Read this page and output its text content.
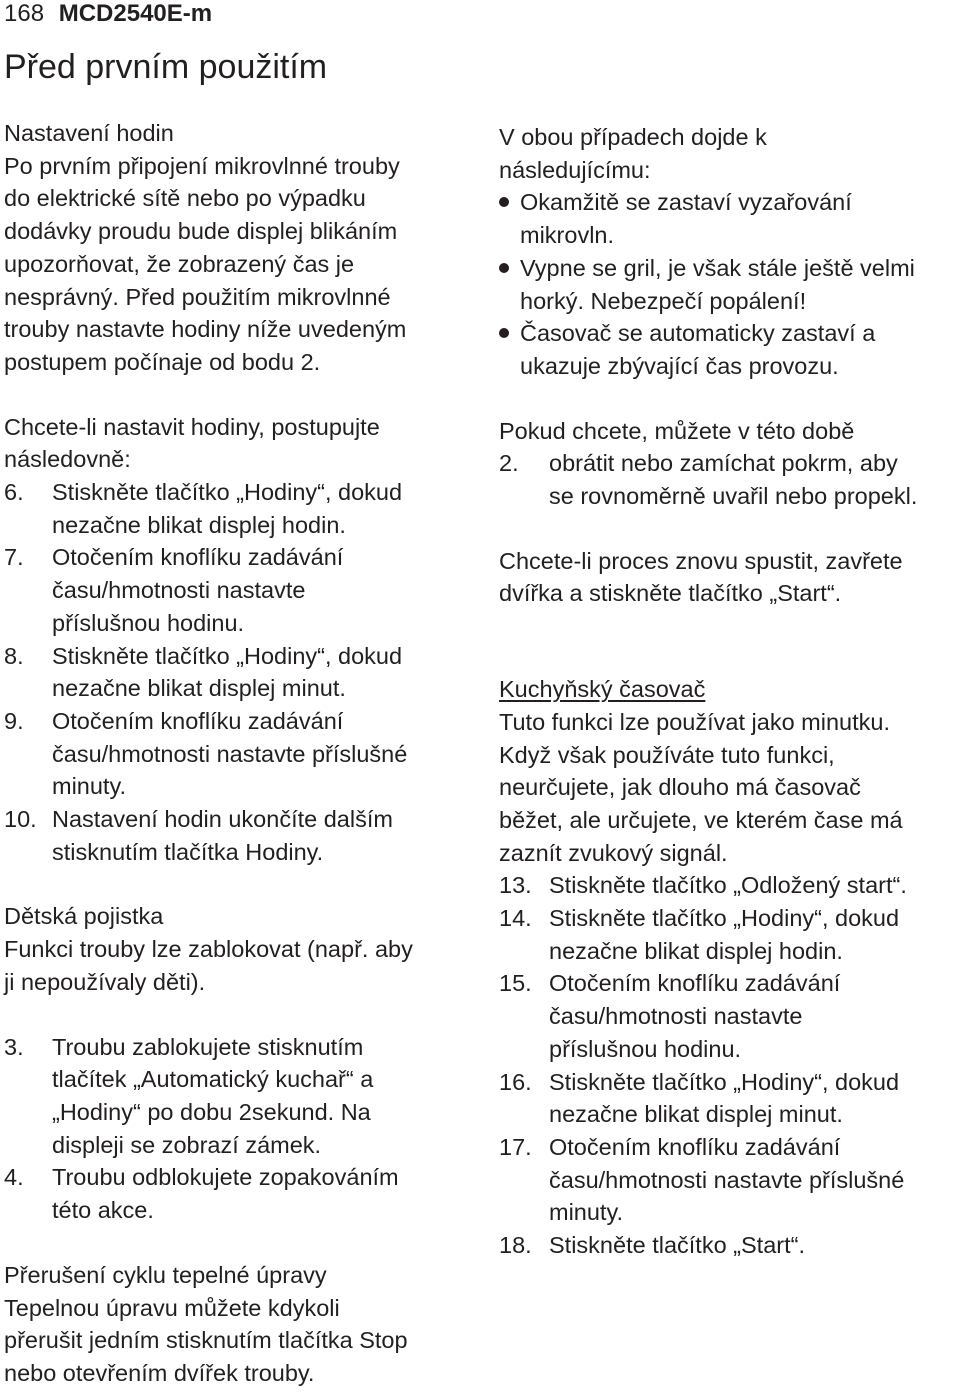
168 MCD2540E-m
Před prvním použitím
Nastavení hodin
Po prvním připojení mikrovlnné trouby
do elektrické sítě nebo po výpadku
dodávky proudu bude displej blikáním
upozorňovat, že zobrazený čas je
nesprávný. Před použitím mikrovlnné
trouby nastavte hodiny níže uvedeným
postupem počínaje od bodu 2.
Chcete-li nastavit hodiny, postupujte
následovně:
6. Stiskněte tlačítko „Hodiny“, dokud
nezačne blikat displej hodin.
7. Otočením knoflíku zadávání
času/hmotnosti nastavte
příslušnou hodinu.
8. Stiskněte tlačítko „Hodiny“, dokud
nezačne blikat displej minut.
9. Otočením knoflíku zadávání
času/hmotnosti nastavte příslušné
minuty.
10. Nastavení hodin ukončíte dalším
stisknutím tlačítka Hodiny.
Dětská pojistka
Funkci trouby lze zablokovat (např. aby
ji nepoužívaly děti).
3. Troubu zablokujete stisknutím
tlačítek „Automatický kuchař“ a
„Hodiny“ po dobu 2sekund. Na
displeji se zobrazí zámek.
4. Troubu odblokujete zopakováním
této akce.
Přerušení cyklu tepelné úpravy
Tepelnou úpravu můžete kdykoli
přerušit jedním stisknutím tlačítka Stop
nebo otevřením dvířek trouby.
V obou případech dojde k
následujícímu:
Okamžitě se zastaví vyzařování
mikrovln.
Vypne se gril, je však stále ještě velmi
horký. Nebezpečí popálení!
Časovač se automaticky zastaví a
ukazuje zbývající čas provozu.
Pokud chcete, můžete v této době
2. obrátit nebo zamíchat pokrm, aby
se rovnoměrně uvařil nebo propekl.
Chcete-li proces znovu spustit, zavřete
dvířka a stiskněte tlačítko „Start“.
Kuchyňský časovač
Tuto funkci lze používat jako minutku.
Když však používáte tuto funkci,
neurčujete, jak dlouho má časovač
běžet, ale určujete, ve kterém čase má
zaznít zvukový signál.
13. Stiskněte tlačítko „Odložený start“.
14. Stiskněte tlačítko „Hodiny“, dokud
nezačne blikat displej hodin.
15. Otočením knoflíku zadávání
času/hmotnosti nastavte
příslušnou hodinu.
16. Stiskněte tlačítko „Hodiny“, dokud
nezačne blikat displej minut.
17. Otočením knoflíku zadávání
času/hmotnosti nastavte příslušné
minuty.
18. Stiskněte tlačítko „Start“.
